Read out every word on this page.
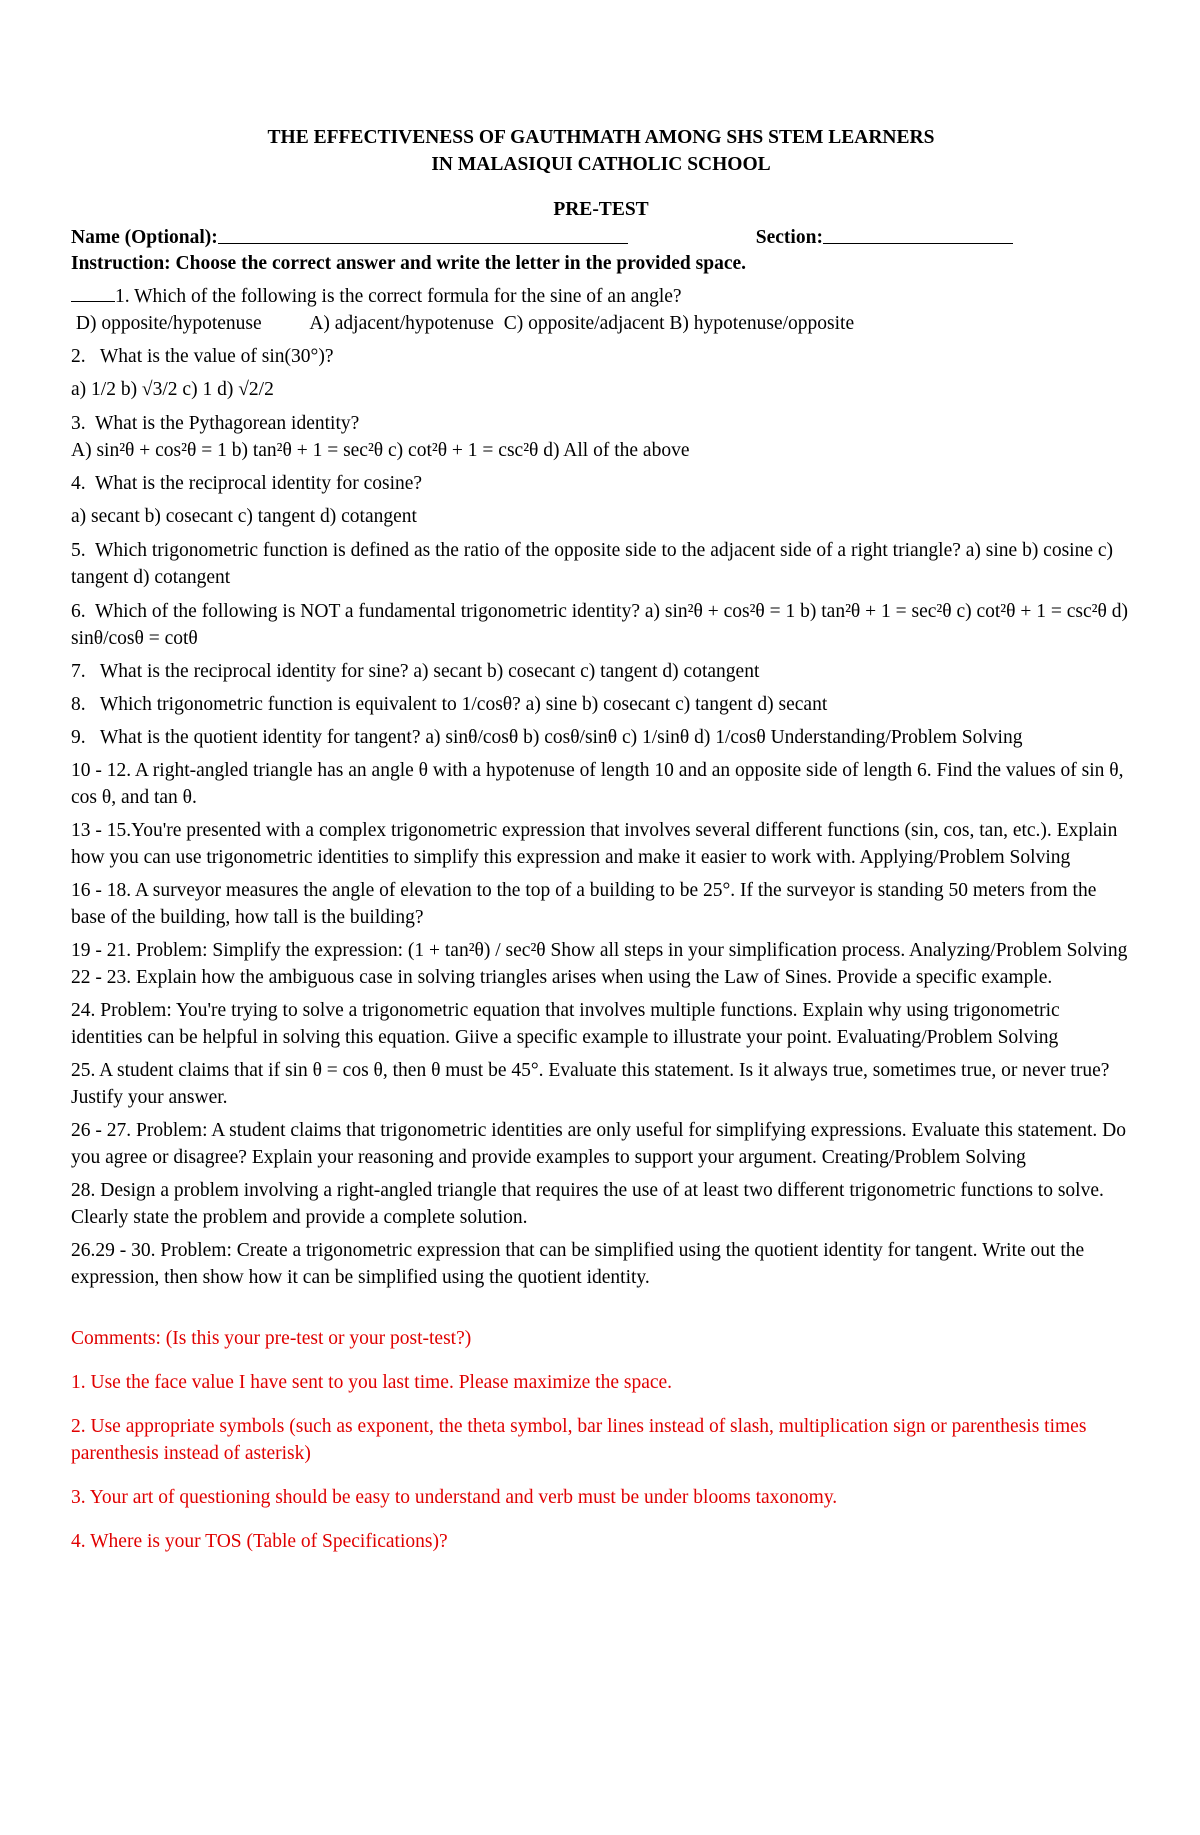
THE EFFECTIVENESS OF GAUTHMATH AMONG SHS STEM LEARNERS

IN MALASIQUI CATHOLIC SCHOOL

PRE-TEST

Name (Optional):	Section:
Instruction: Choose the correct answer and write the letter in the provided space.

1. Which of the following is the correct formula for the sine of an angle?

D) opposite/hypotenuse          A) adjacent/hypotenuse  C) opposite/adjacent B) hypotenuse/opposite

2.   What is the value of sin(30°)?

a) 1/2 b) √3/2 c) 1 d) √2/2

3.  What is the Pythagorean identity?

A) sin²θ + cos²θ = 1 b) tan²θ + 1 = sec²θ c) cot²θ + 1 = csc²θ d) All of the above

4.  What is the reciprocal identity for cosine?

a) secant b) cosecant c) tangent d) cotangent

5.  Which trigonometric function is defined as the ratio of the opposite side to the adjacent side of a right triangle? a) sine b) cosine c) tangent d) cotangent

6.  Which of the following is NOT a fundamental trigonometric identity? a) sin²θ + cos²θ = 1 b) tan²θ + 1 = sec²θ c) cot²θ + 1 = csc²θ d) sinθ/cosθ = cotθ

7.   What is the reciprocal identity for sine? a) secant b) cosecant c) tangent d) cotangent

8.   Which trigonometric function is equivalent to 1/cosθ? a) sine b) cosecant c) tangent d) secant

9.   What is the quotient identity for tangent? a) sinθ/cosθ b) cosθ/sinθ c) 1/sinθ d) 1/cosθ Understanding/Problem Solving

10 - 12. A right-angled triangle has an angle θ with a hypotenuse of length 10 and an opposite side of length 6. Find the values of sin θ, cos θ, and tan θ.

13 - 15.You're presented with a complex trigonometric expression that involves several different functions (sin, cos, tan, etc.). Explain how you can use trigonometric identities to simplify this expression and make it easier to work with. Applying/Problem Solving

16 - 18. A surveyor measures the angle of elevation to the top of a building to be 25°. If the surveyor is standing 50 meters from the base of the building, how tall is the building?

19 - 21. Problem: Simplify the expression: (1 + tan²θ) / sec²θ Show all steps in your simplification process. Analyzing/Problem Solving 22 - 23. Explain how the ambiguous case in solving triangles arises when using the Law of Sines. Provide a specific example.

24. Problem: You're trying to solve a trigonometric equation that involves multiple functions. Explain why using trigonometric identities can be helpful in solving this equation. Giive a specific example to illustrate your point. Evaluating/Problem Solving

25. A student claims that if sin θ = cos θ, then θ must be 45°. Evaluate this statement. Is it always true, sometimes true, or never true? Justify your answer.

26 - 27. Problem: A student claims that trigonometric identities are only useful for simplifying expressions. Evaluate this statement. Do you agree or disagree? Explain your reasoning and provide examples to support your argument. Creating/Problem Solving

28. Design a problem involving a right-angled triangle that requires the use of at least two different trigonometric functions to solve. Clearly state the problem and provide a complete solution.

26.29 - 30. Problem: Create a trigonometric expression that can be simplified using the quotient identity for tangent. Write out the expression, then show how it can be simplified using the quotient identity.

Comments: (Is this your pre-test or your post-test?)

1. Use the face value I have sent to you last time. Please maximize the space.

2. Use appropriate symbols (such as exponent, the theta symbol, bar lines instead of slash, multiplication sign or parenthesis times parenthesis instead of asterisk)

3. Your art of questioning should be easy to understand and verb must be under blooms taxonomy.

4. Where is your TOS (Table of Specifications)?
